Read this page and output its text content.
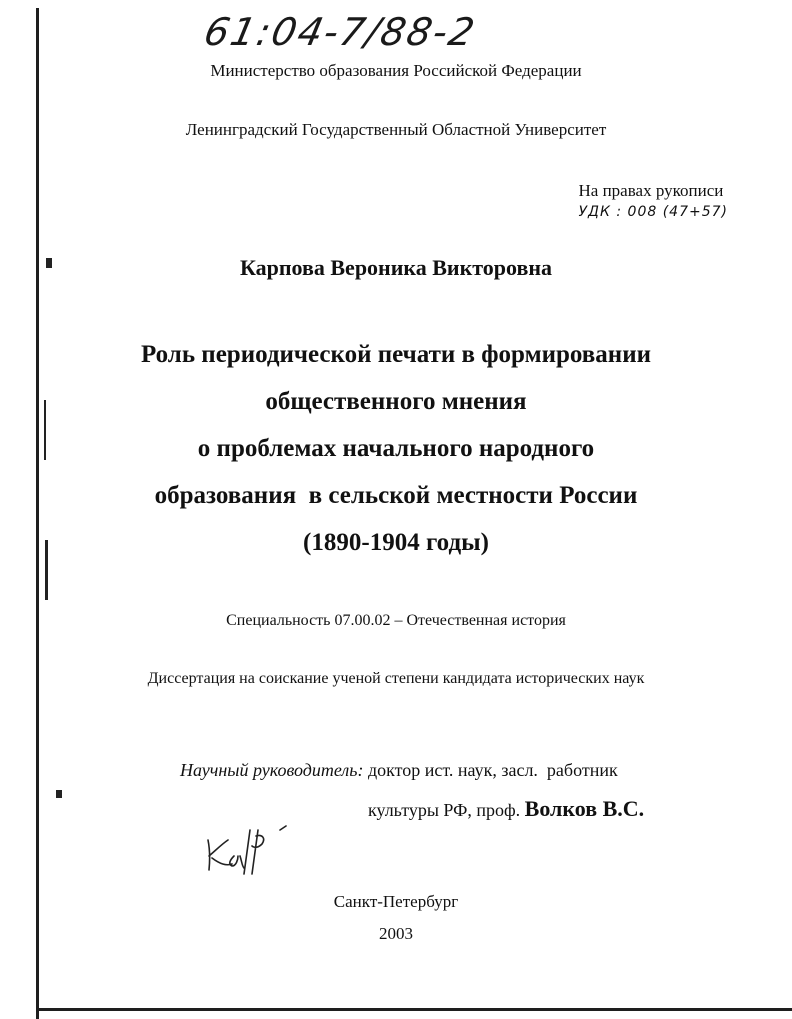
61:04-7/88-2
Министерство образования Российской Федерации
Ленинградский Государственный Областной Университет
На правах рукописи
УДК : 008 (47+57)
Карпова Вероника Викторовна
Роль периодической печати в формировании
общественного мнения
о проблемах начального народного
образования  в сельской местности России
(1890-1904 годы)
Специальность 07.00.02 – Отечественная история
Диссертация на соискание ученой степени кандидата исторических наук
Научный руководитель: доктор ист. наук, засл.  работник
культуры РФ, проф. Волков В.С.
Санкт-Петербург
2003
